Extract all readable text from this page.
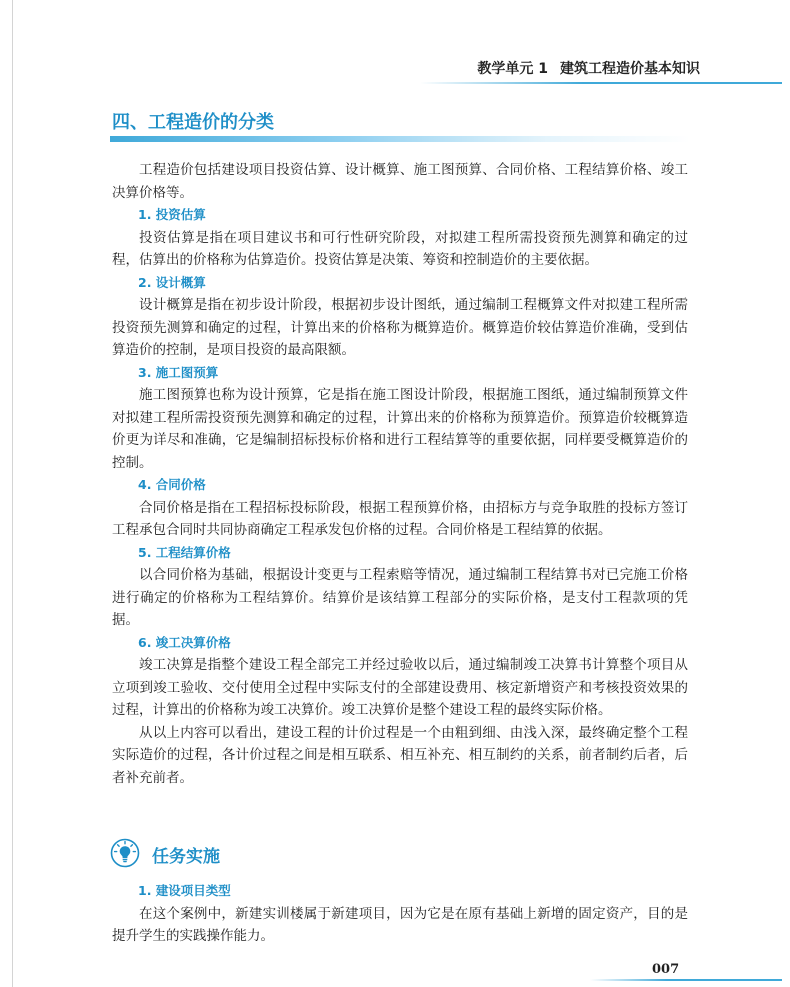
教学单元 1 建筑工程造价基本知识
四、工程造价的分类

工程造价包括建设项目投资估算、设计概算、施工图预算、合同价格、工程结算价格、竣工决算价格等。

1. 投资估算

投资估算是指在项目建议书和可行性研究阶段，对拟建工程所需投资预先测算和确定的过程，估算出的价格称为估算造价。投资估算是决策、筹资和控制造价的主要依据。

2. 设计概算

设计概算是指在初步设计阶段，根据初步设计图纸，通过编制工程概算文件对拟建工程所需投资预先测算和确定的过程，计算出来的价格称为概算造价。概算造价较估算造价准确，受到估算造价的控制，是项目投资的最高限额。

3. 施工图预算

施工图预算也称为设计预算，它是指在施工图设计阶段，根据施工图纸，通过编制预算文件对拟建工程所需投资预先测算和确定的过程，计算出来的价格称为预算造价。预算造价较概算造价更为详尽和准确，它是编制招标投标价格和进行工程结算等的重要依据，同样要受概算造价的控制。

4. 合同价格

合同价格是指在工程招标投标阶段，根据工程预算价格，由招标方与竞争取胜的投标方签订工程承包合同时共同协商确定工程承发包价格的过程。合同价格是工程结算的依据。

5. 工程结算价格

以合同价格为基础，根据设计变更与工程索赔等情况，通过编制工程结算书对已完施工价格进行确定的价格称为工程结算价。结算价是该结算工程部分的实际价格，是支付工程款项的凭据。

6. 竣工决算价格

竣工决算是指整个建设工程全部完工并经过验收以后，通过编制竣工决算书计算整个项目从立项到竣工验收、交付使用全过程中实际支付的全部建设费用、核定新增资产和考核投资效果的过程，计算出的价格称为竣工决算价。竣工决算价是整个建设工程的最终实际价格。

从以上内容可以看出，建设工程的计价过程是一个由粗到细、由浅入深，最终确定整个工程实际造价的过程，各计价过程之间是相互联系、相互补充、相互制约的关系，前者制约后者，后者补充前者。

任务实施

1. 建设项目类型

在这个案例中，新建实训楼属于新建项目，因为它是在原有基础上新增的固定资产，目的是提升学生的实践操作能力。

007
